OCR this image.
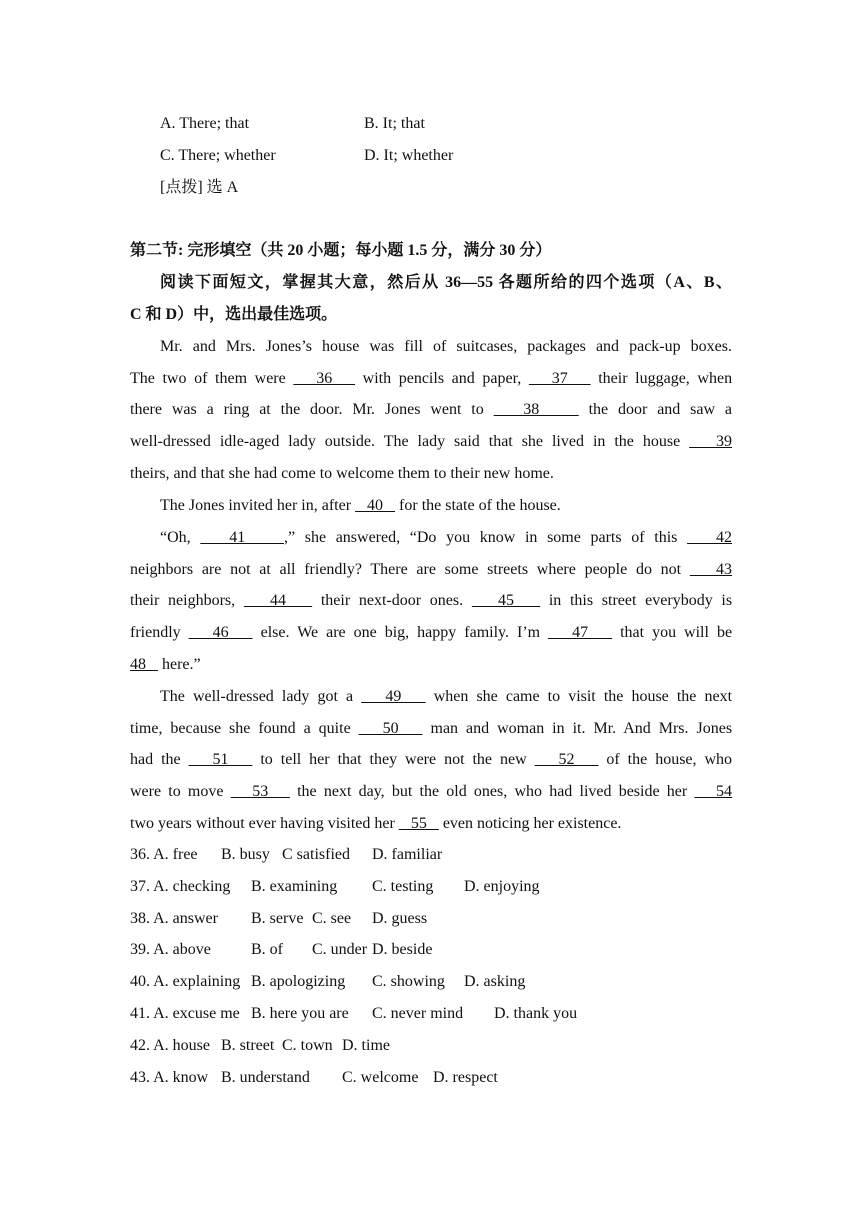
A. There; that	B. It; that
C. There; whether	D. It; whether
[点拨] 选 A
第二节: 完形填空（共 20 小题；每小题 1.5 分，满分 30 分）
阅读下面短文，掌握其大意，然后从 36—55 各题所给的四个选项（A、B、
C 和 D）中，选出最佳选项。
Mr. and Mrs. Jones’s house was fill of suitcases, packages and pack-up boxes.
The two of them were    36    with pencils and paper,    37    their luggage, when
there was a ring at the door. Mr. Jones went to    38     the door and saw a
well-dressed idle-aged lady outside. The lady said that she lived in the house    39
theirs, and that she had come to welcome them to their new home.
The Jones invited her in, after    40    for the state of the house.
“Oh,    41    ,” she answered, “Do you know in some parts of this    42
neighbors are not at all friendly? There are some streets where people do not    43
their neighbors,    44    their next-door ones.    45    in this street everybody is
friendly    46    else. We are one big, happy family. I’m    47    that you will be
48    here.”
The well-dressed lady got a    49    when she came to visit the house the next
time, because she found a quite    50    man and woman in it. Mr. And Mrs. Jones
had the    51    to tell her that they were not the new    52    of the house, who
were to move    53    the next day, but the old ones, who had lived beside her    54
two years without ever having visited her    55    even noticing her existence.
36. A. free B. busy C satisfied D. familiar
37. A. checking B. examining C. testing D. enjoying
38. A. answer B. serve C. see D. guess
39. A. above	B. of C. under D. beside
40. A. explaining B. apologizing C. showing D. asking
41. A. excuse me B. here you are C. never mind D. thank you
42. A. house B. street C. town D. time
43. A. know B. understand C. welcome D. respect
